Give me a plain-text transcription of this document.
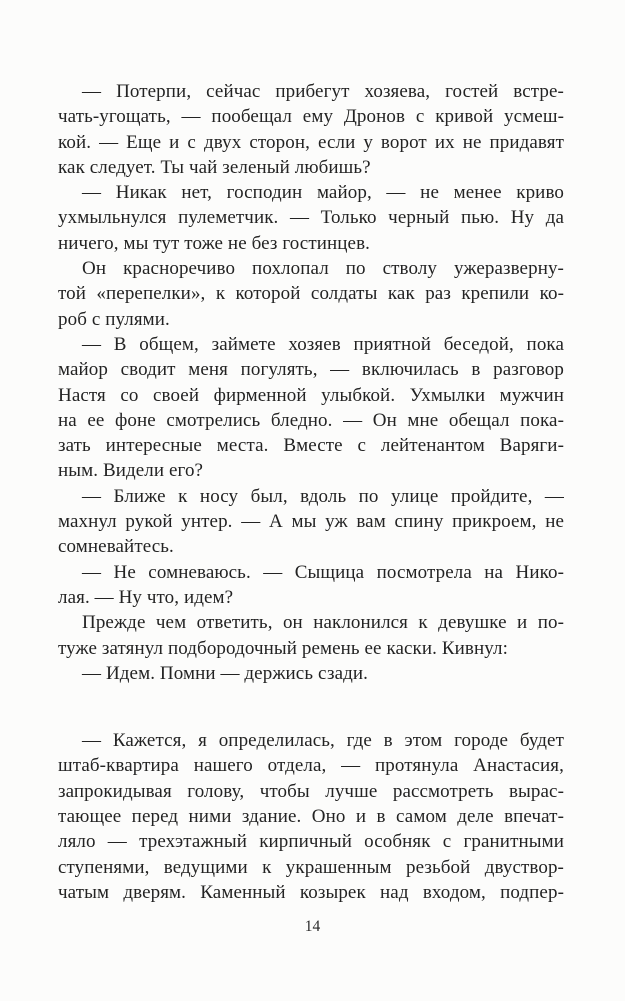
— Потерпи, сейчас прибегут хозяева, гостей встре-
чать-угощать, — пообещал ему Дронов с кривой усмеш-
кой. — Еще и с двух сторон, если у ворот их не придавят
как следует. Ты чай зеленый любишь?
— Никак нет, господин майор, — не менее криво
ухмыльнулся пулеметчик. — Только черный пью. Ну да
ничего, мы тут тоже не без гостинцев.
Он красноречиво похлопал по стволу ужеразверну-
той «перепелки», к которой солдаты как раз крепили ко-
роб с пулями.
— В общем, займете хозяев приятной беседой, пока
майор сводит меня погулять, — включилась в разговор
Настя со своей фирменной улыбкой. Ухмылки мужчин
на ее фоне смотрелись бледно. — Он мне обещал пока-
зать интересные места. Вместе с лейтенантом Варяги-
ным. Видели его?
— Ближе к носу был, вдоль по улице пройдите, —
махнул рукой унтер. — А мы уж вам спину прикроем, не
сомневайтесь.
— Не сомневаюсь. — Сыщица посмотрела на Нико-
лая. — Ну что, идем?
Прежде чем ответить, он наклонился к девушке и по-
туже затянул подбородочный ремень ее каски. Кивнул:
— Идем. Помни — держись сзади.
— Кажется, я определилась, где в этом городе будет
штаб-квартира нашего отдела, — протянула Анастасия,
запрокидывая голову, чтобы лучше рассмотреть вырас-
тающее перед ними здание. Оно и в самом деле впечат-
ляло — трехэтажный кирпичный особняк с гранитными
ступенями, ведущими к украшенным резьбой двуствор-
чатым дверям. Каменный козырек над входом, подпер-
14
